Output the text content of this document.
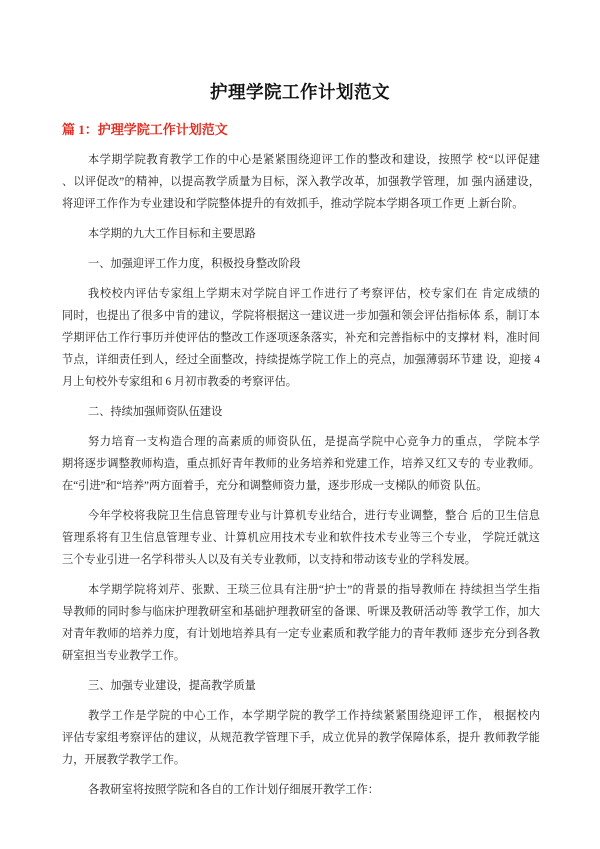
护理学院工作计划范文
篇 1：护理学院工作计划范文
本学期学院教育教学工作的中心是紧紧围绕迎评工作的整改和建设，按照学 校“以评促建
、以评促改”的精神，以提高教学质量为目标，深入教学改革，加强教学管理，加 强内涵建设，
将迎评工作作为专业建设和学院整体提升的有效抓手，推动学院本学期各项工作更 上新台阶。
本学期的九大工作目标和主要思路
一、加强迎评工作力度，积极投身整改阶段
我校校内评估专家组上学期末对学院自评工作进行了考察评估，校专家们在 肯定成绩的
同时，也提出了很多中肯的建议，学院将根据这一建议进一步加强和领会评估指标体 系，制订本
学期评估工作行事历并使评估的整改工作逐项逐条落实，补充和完善指标中的支撑材 料，准时间
节点，详细责任到人，经过全面整改，持续提炼学院工作上的亮点，加强薄弱环节建 设，迎接 4
月上旬校外专家组和 6 月初市教委的考察评估。
二、持续加强师资队伍建设
努力培育一支构造合理的高素质的师资队伍，是提高学院中心竞争力的重点， 学院本学
期将逐步调整教师构造，重点抓好青年教师的业务培养和党建工作，培养又红又专的 专业教师。
在“引进”和“培养”两方面着手，充分和调整师资力量，逐步形成一支梯队的师资 队伍。
今年学校将我院卫生信息管理专业与计算机专业结合，进行专业调整，整合 后的卫生信息
管理系将有卫生信息管理专业、计算机应用技术专业和软件技术专业等三个专业， 学院迁就这
三个专业引进一名学科带头人以及有关专业教师，以支持和带动该专业的学科发展。
本学期学院将刘芹、张默、王琰三位具有注册“护士”的背景的指导教师在 持续担当学生指
导教师的同时参与临床护理教研室和基础护理教研室的备课、听课及教研活动等 教学工作，加大
对青年教师的培养力度，有计划地培养具有一定专业素质和教学能力的青年教师 逐步充分到各教
研室担当专业教学工作。
三、加强专业建设，提高教学质量
教学工作是学院的中心工作，本学期学院的教学工作持续紧紧围绕迎评工作， 根据校内
评估专家组考察评估的建议，从规范教学管理下手，成立优异的教学保障体系，提升 教师教学能
力，开展教学教学工作。
各教研室将按照学院和各自的工作计划仔细展开教学工作：
